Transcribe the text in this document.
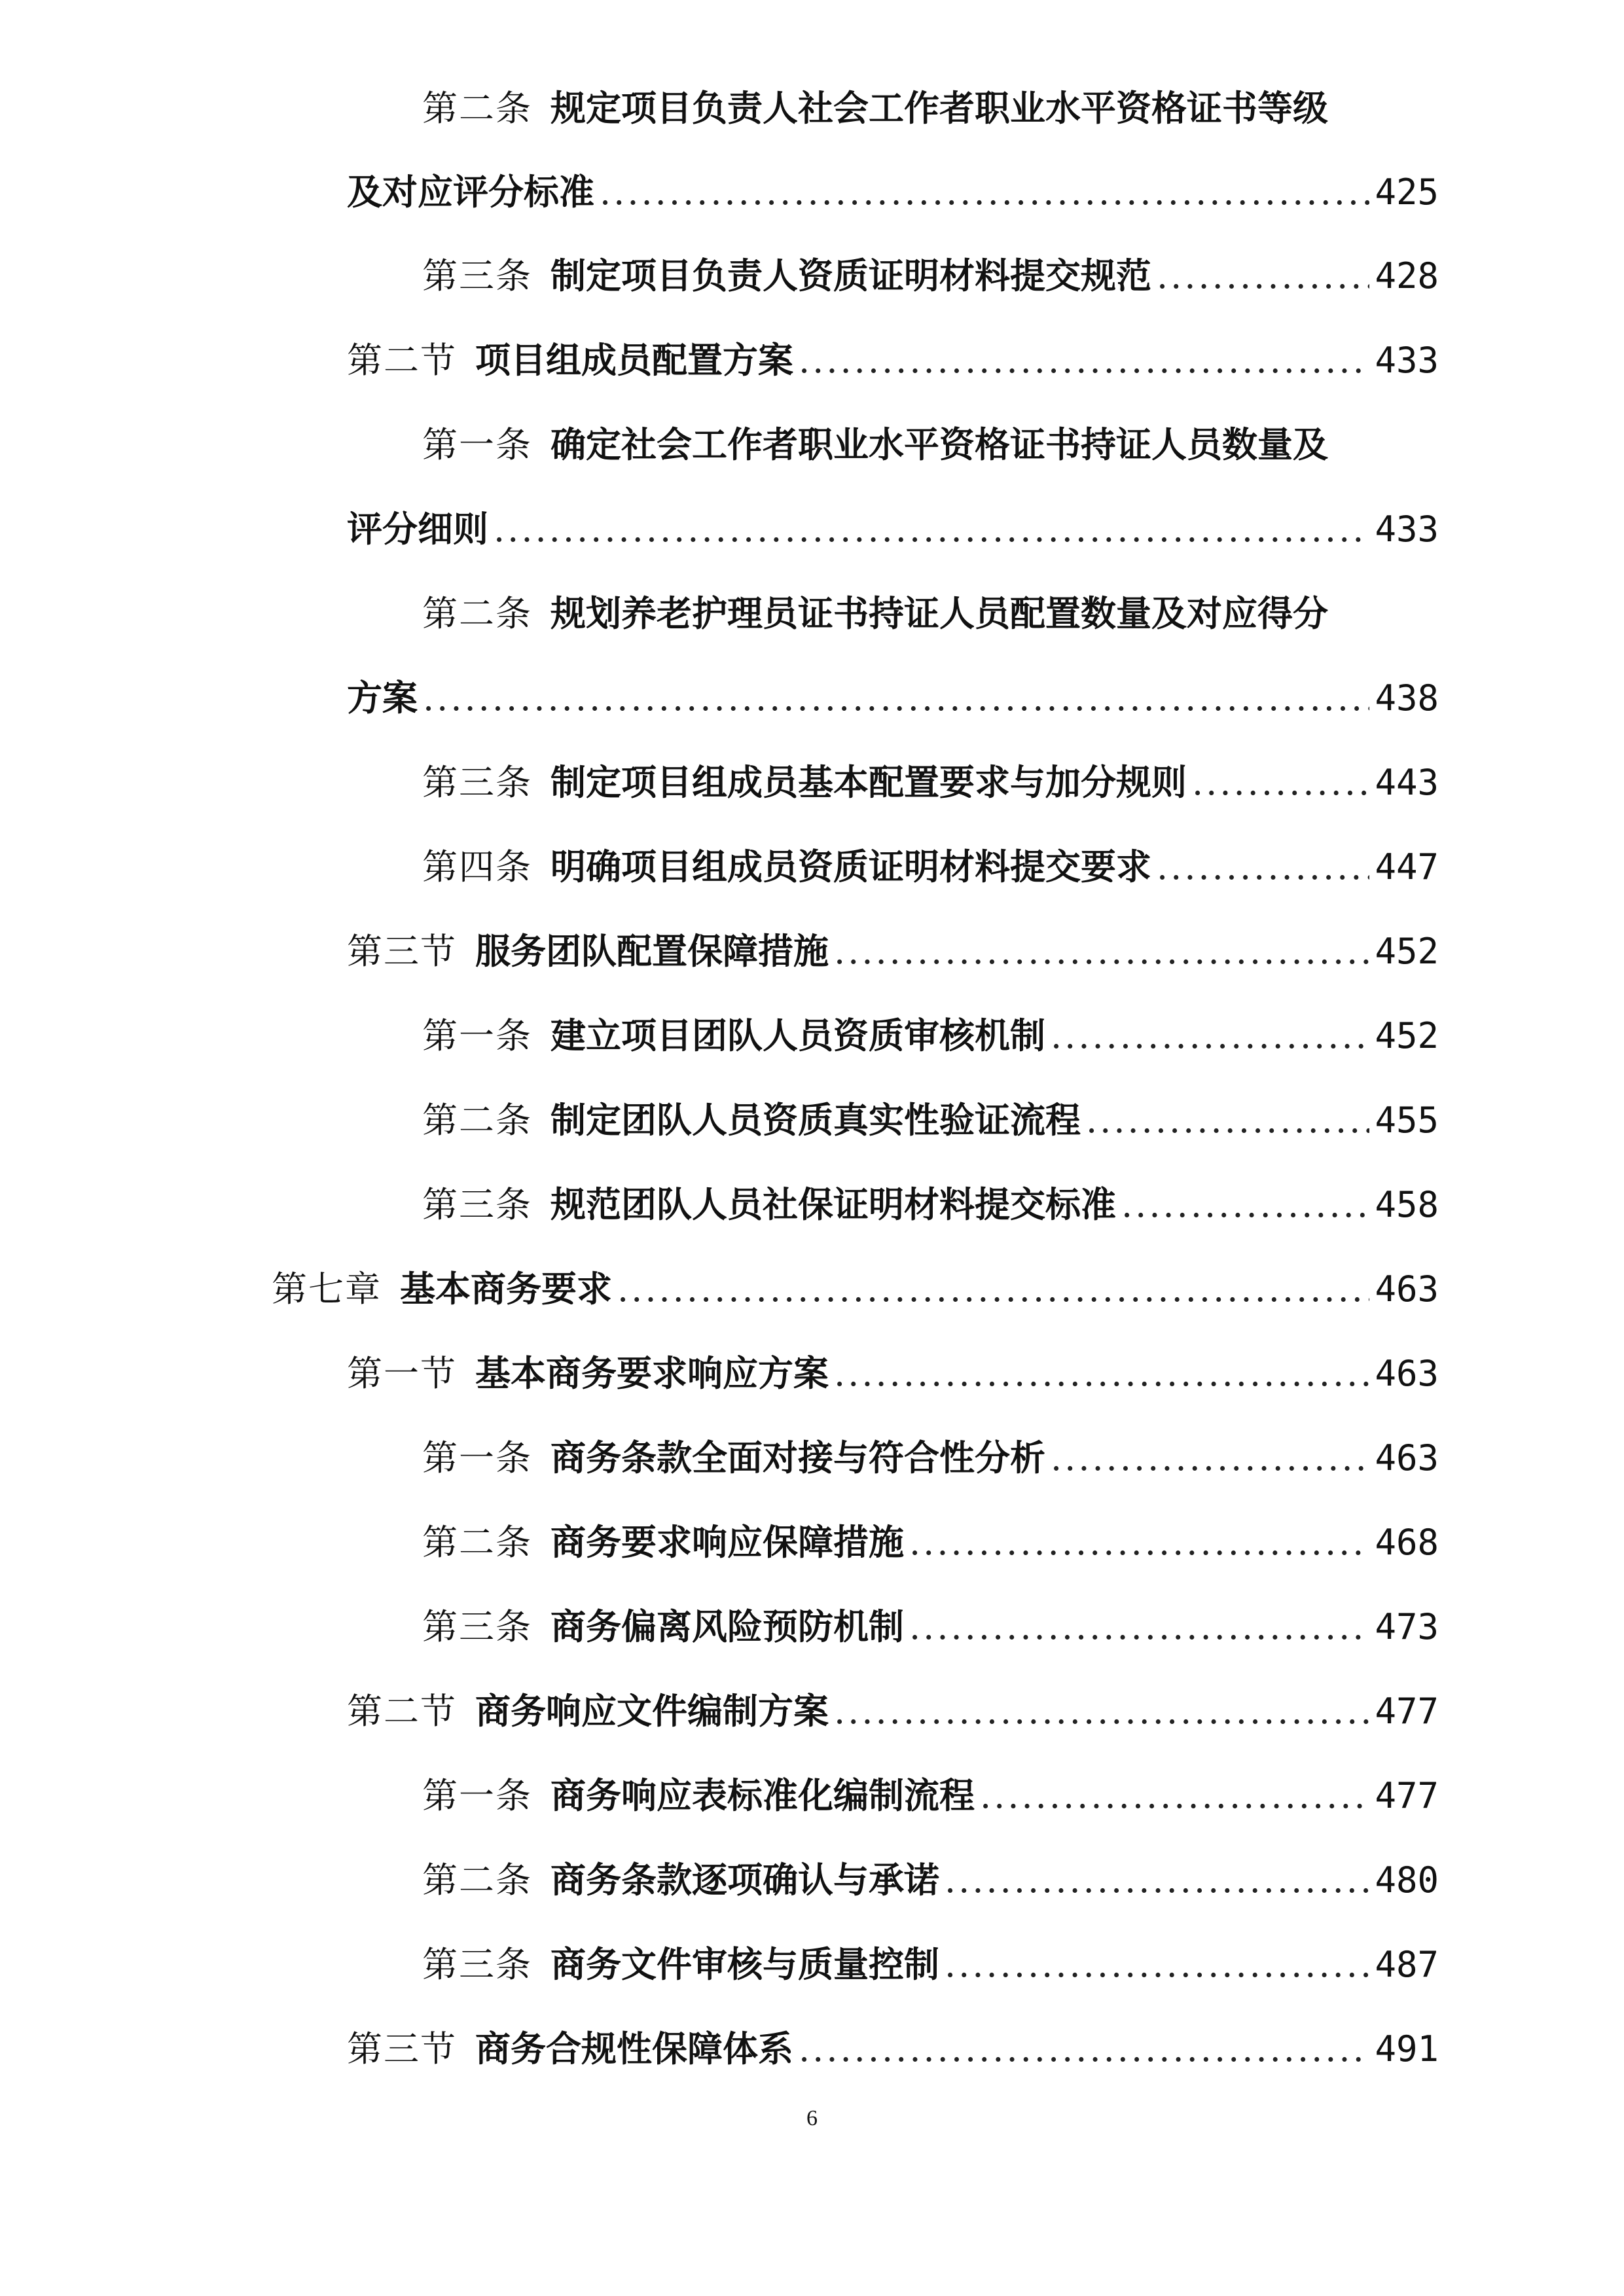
第二条 规定项目负责人社会工作者职业水平资格证书等级
及对应评分标准 .....	425
第三条 制定项目负责人资质证明材料提交规范 .....	428
第二节 项目组成员配置方案 .....	433
第一条 确定社会工作者职业水平资格证书持证人员数量及
评分细则 .....	433
第二条 规划养老护理员证书持证人员配置数量及对应得分
方案 .....	438
第三条 制定项目组成员基本配置要求与加分规则 .....	443
第四条 明确项目组成员资质证明材料提交要求 .....	447
第三节 服务团队配置保障措施 .....	452
第一条 建立项目团队人员资质审核机制 .....	452
第二条 制定团队人员资质真实性验证流程 .....	455
第三条 规范团队人员社保证明材料提交标准 .....	458
第七章 基本商务要求 .....	463
第一节 基本商务要求响应方案 .....	463
第一条 商务条款全面对接与符合性分析 .....	463
第二条 商务要求响应保障措施 .....	468
第三条 商务偏离风险预防机制 .....	473
第二节 商务响应文件编制方案 .....	477
第一条 商务响应表标准化编制流程 .....	477
第二条 商务条款逐项确认与承诺 .....	480
第三条 商务文件审核与质量控制 .....	487
第三节 商务合规性保障体系 .....	491
6
